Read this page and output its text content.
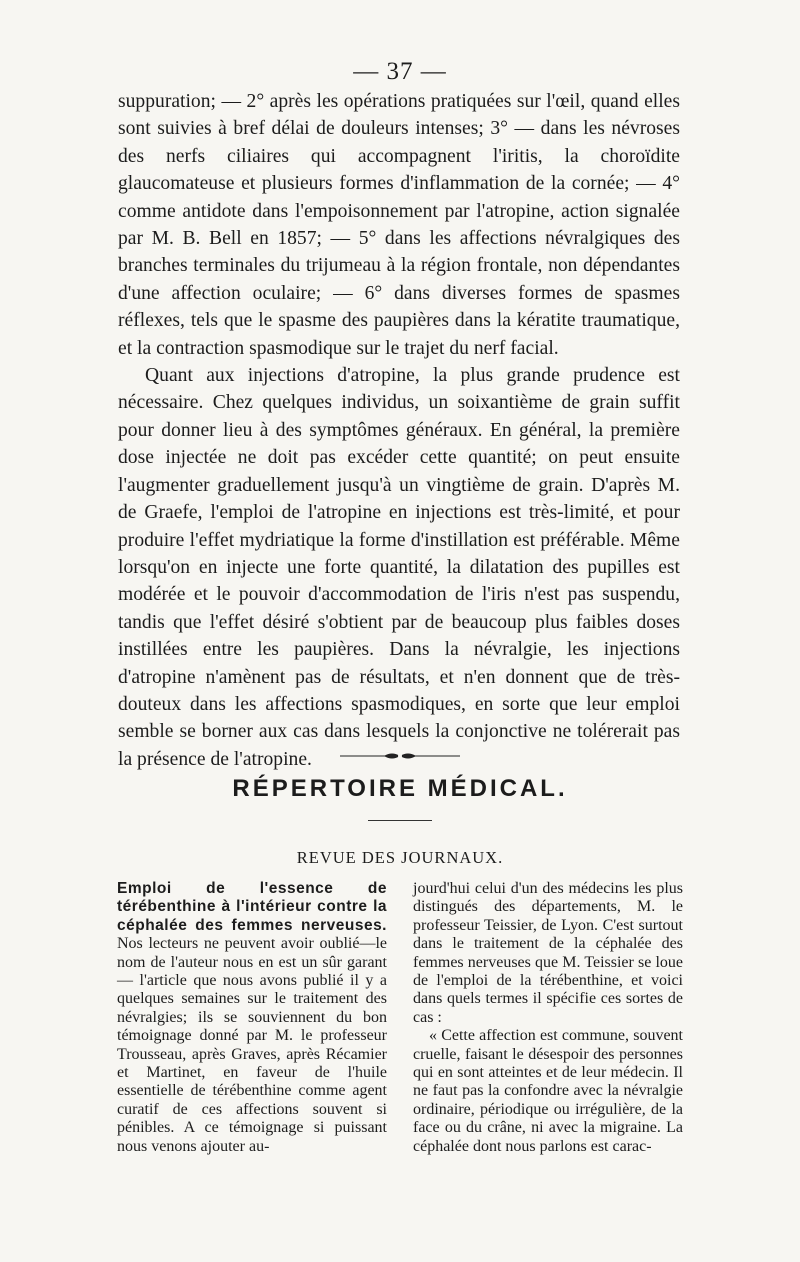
— 37 —

suppuration; — 2° après les opérations pratiquées sur l'œil, quand elles sont suivies à bref délai de douleurs intenses; 3° — dans les névroses des nerfs ciliaires qui accompagnent l'iritis, la choroïdite glaucomateuse et plusieurs formes d'inflammation de la cornée; — 4° comme antidote dans l'empoisonnement par l'atropine, action signalée par M. B. Bell en 1857; — 5° dans les affections névralgiques des branches terminales du trijumeau à la région frontale, non dépendantes d'une affection oculaire; — 6° dans diverses formes de spasmes réflexes, tels que le spasme des paupières dans la kératite traumatique, et la contraction spasmodique sur le trajet du nerf facial.

Quant aux injections d'atropine, la plus grande prudence est nécessaire. Chez quelques individus, un soixantième de grain suffit pour donner lieu à des symptômes généraux. En général, la première dose injectée ne doit pas excéder cette quantité; on peut ensuite l'augmenter graduellement jusqu'à un vingtième de grain. D'après M. de Graefe, l'emploi de l'atropine en injections est très-limité, et pour produire l'effet mydriatique la forme d'instillation est préférable. Même lorsqu'on en injecte une forte quantité, la dilatation des pupilles est modérée et le pouvoir d'accommodation de l'iris n'est pas suspendu, tandis que l'effet désiré s'obtient par de beaucoup plus faibles doses instillées entre les paupières. Dans la névralgie, les injections d'atropine n'amènent pas de résultats, et n'en donnent que de très-douteux dans les affections spasmodiques, en sorte que leur emploi semble se borner aux cas dans lesquels la conjonctive ne tolérerait pas la présence de l'atropine.

RÉPERTOIRE MÉDICAL.
REVUE DES JOURNAUX.

Emploi de l'essence de térébenthine à l'intérieur contre la céphalée des femmes nerveuses. Nos lecteurs ne peuvent avoir oublié—le nom de l'auteur nous en est un sûr garant — l'article que nous avons publié il y a quelques semaines sur le traitement des névralgies; ils se souviennent du bon témoignage donné par M. le professeur Trousseau, après Graves, après Récamier et Martinet, en faveur de l'huile essentielle de térébenthine comme agent curatif de ces affections souvent si pénibles. A ce témoignage si puissant nous venons ajouter au-

jourd'hui celui d'un des médecins les plus distingués des départements, M. le professeur Teissier, de Lyon. C'est surtout dans le traitement de la céphalée des femmes nerveuses que M. Teissier se loue de l'emploi de la térébenthine, et voici dans quels termes il spécifie ces sortes de cas :

« Cette affection est commune, souvent cruelle, faisant le désespoir des personnes qui en sont atteintes et de leur médecin. Il ne faut pas la confondre avec la névralgie ordinaire, périodique ou irrégulière, de la face ou du crâne, ni avec la migraine. La céphalée dont nous parlons est carac-
